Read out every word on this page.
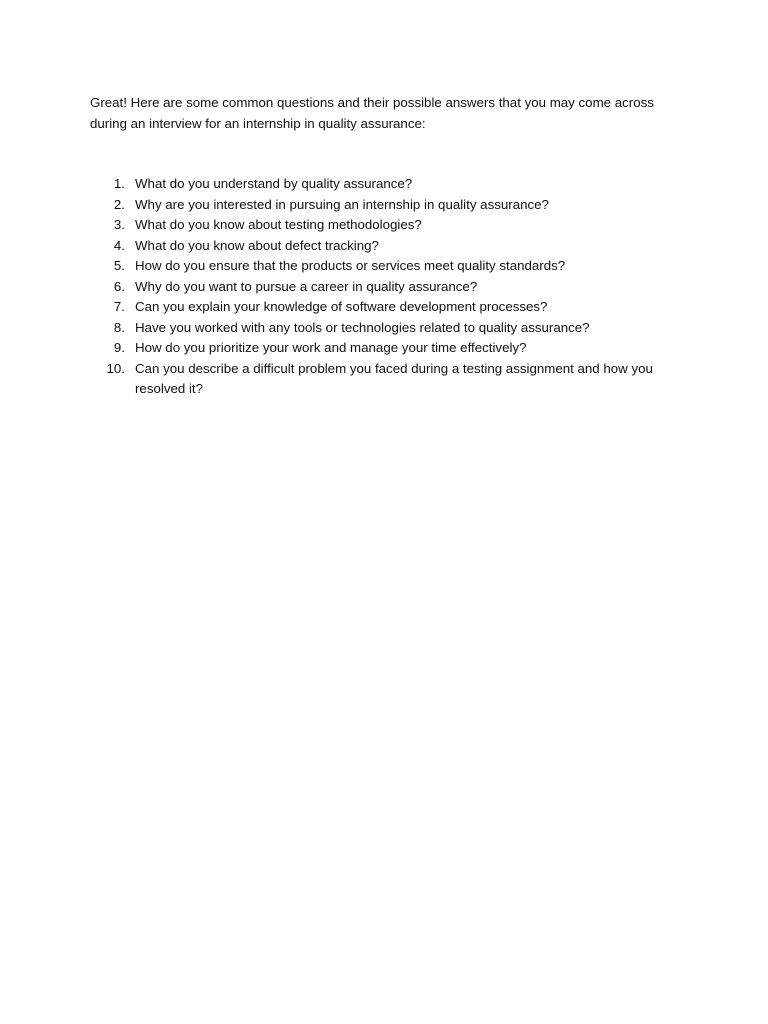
Great! Here are some common questions and their possible answers that you may come across during an interview for an internship in quality assurance:

1. What do you understand by quality assurance?
2. Why are you interested in pursuing an internship in quality assurance?
3. What do you know about testing methodologies?
4. What do you know about defect tracking?
5. How do you ensure that the products or services meet quality standards?
6. Why do you want to pursue a career in quality assurance?
7. Can you explain your knowledge of software development processes?
8. Have you worked with any tools or technologies related to quality assurance?
9. How do you prioritize your work and manage your time effectively?
10. Can you describe a difficult problem you faced during a testing assignment and how you resolved it?
